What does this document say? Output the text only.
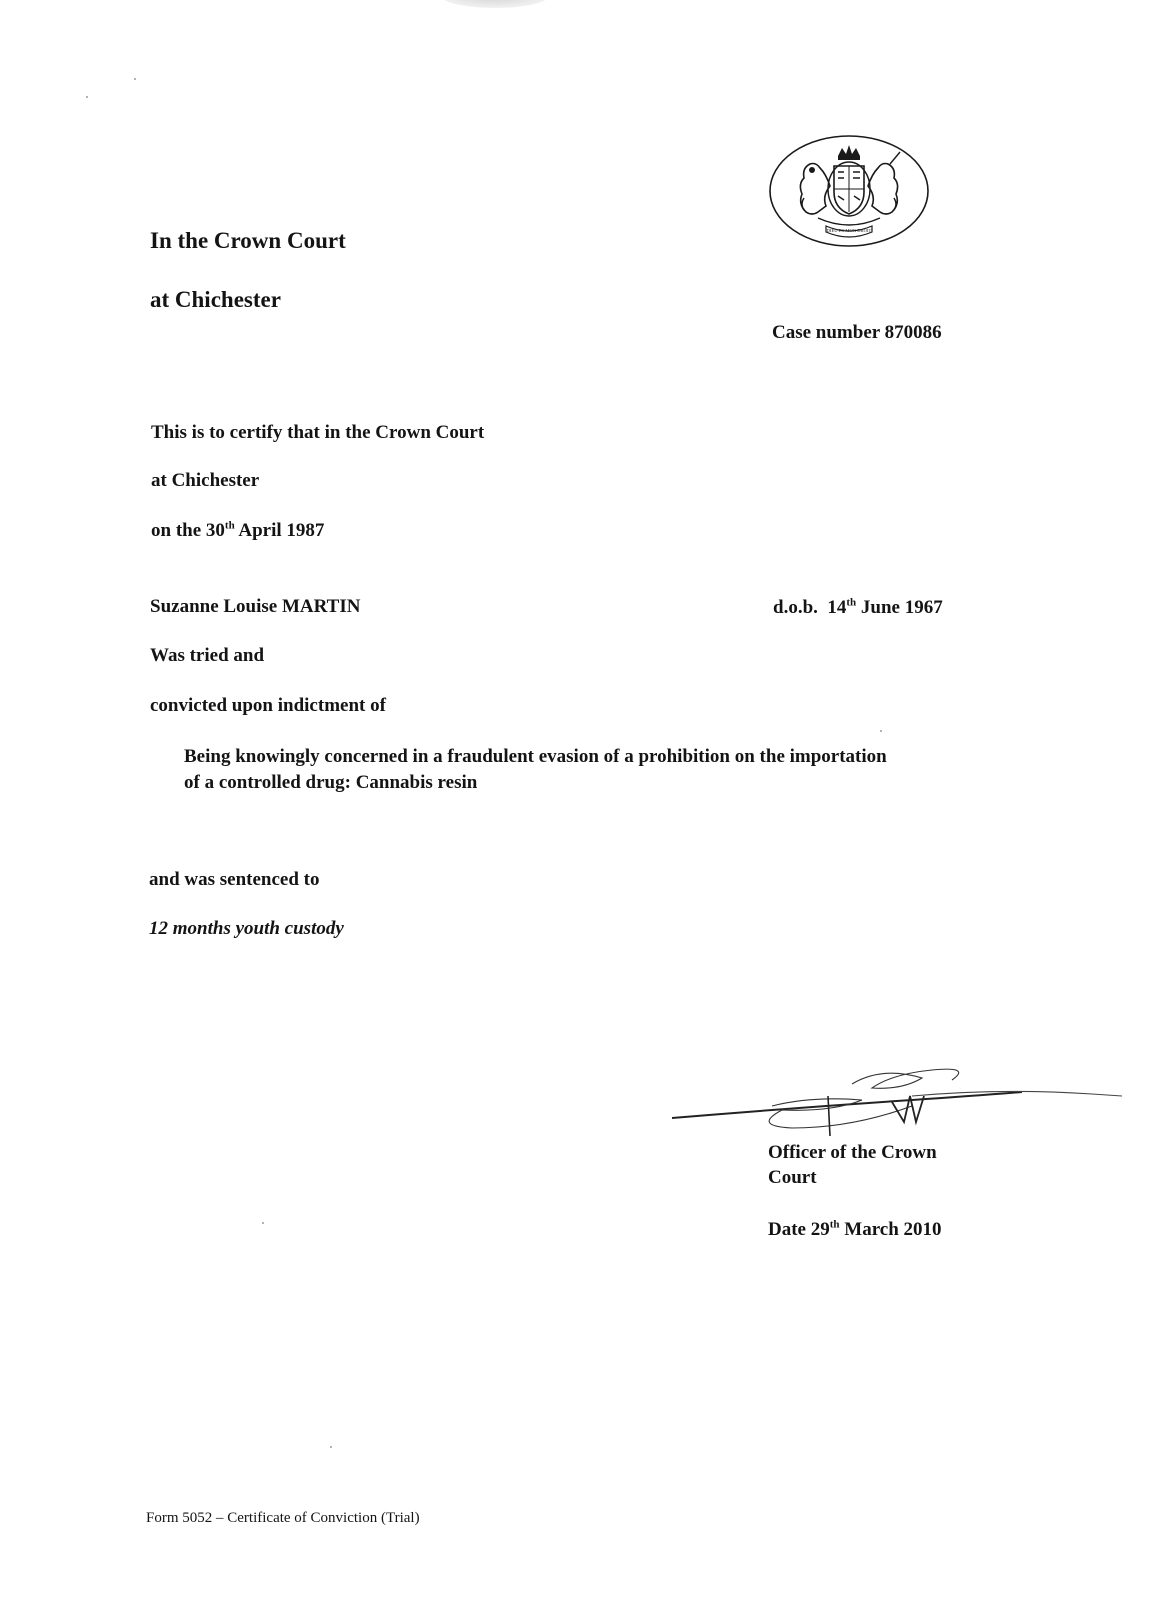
DIEU ET MON DROIT
In the Crown Court
at Chichester
Case number 870086
This is to certify that in the Crown Court
at Chichester
on the 30th April 1987
Suzanne Louise MARTIN	d.o.b.  14th June 1967
Was tried and
convicted upon indictment of
Being knowingly concerned in a fraudulent evasion of a prohibition on the importation
of a controlled drug: Cannabis resin
and was sentenced to
12 months youth custody
Officer of the Crown
Court
Date 29th March 2010
Form 5052 – Certificate of Conviction (Trial)
